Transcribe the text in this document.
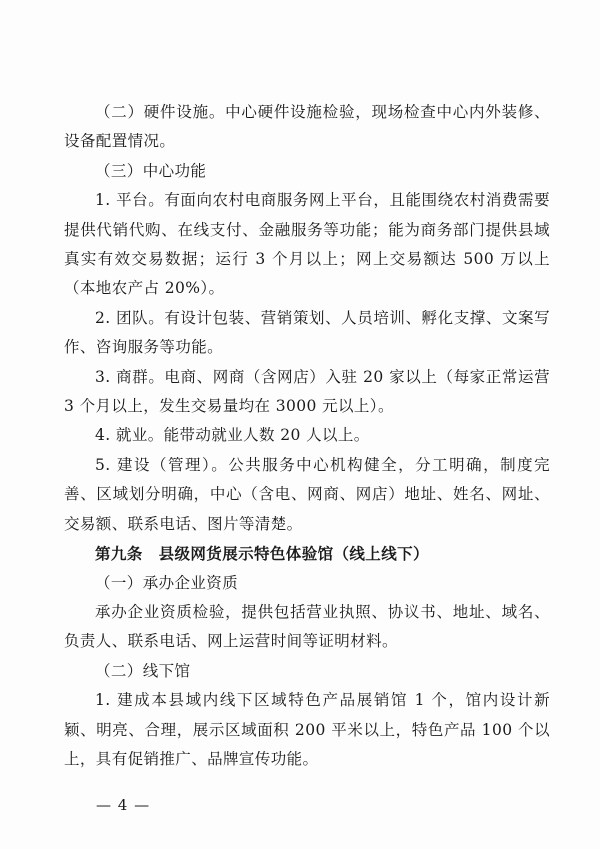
（二）硬件设施。中心硬件设施检验，现场检查中心内外装修、设备配置情况。

（三）中心功能

1. 平台。有面向农村电商服务网上平台，且能围绕农村消费需要提供代销代购、在线支付、金融服务等功能；能为商务部门提供县域真实有效交易数据；运行 3 个月以上；网上交易额达 500 万以上（本地农产占 20%）。

2. 团队。有设计包装、营销策划、人员培训、孵化支撑、文案写作、咨询服务等功能。

3. 商群。电商、网商（含网店）入驻 20 家以上（每家正常运营 3 个月以上，发生交易量均在 3000 元以上）。

4. 就业。能带动就业人数 20 人以上。

5. 建设（管理）。公共服务中心机构健全，分工明确，制度完善、区域划分明确，中心（含电、网商、网店）地址、姓名、网址、交易额、联系电话、图片等清楚。

第九条　县级网货展示特色体验馆（线上线下）

（一）承办企业资质

承办企业资质检验，提供包括营业执照、协议书、地址、域名、负责人、联系电话、网上运营时间等证明材料。

（二）线下馆

1. 建成本县域内线下区域特色产品展销馆 1 个，馆内设计新颖、明亮、合理，展示区域面积 200 平米以上，特色产品 100 个以上，具有促销推广、品牌宣传功能。

— 4 —
